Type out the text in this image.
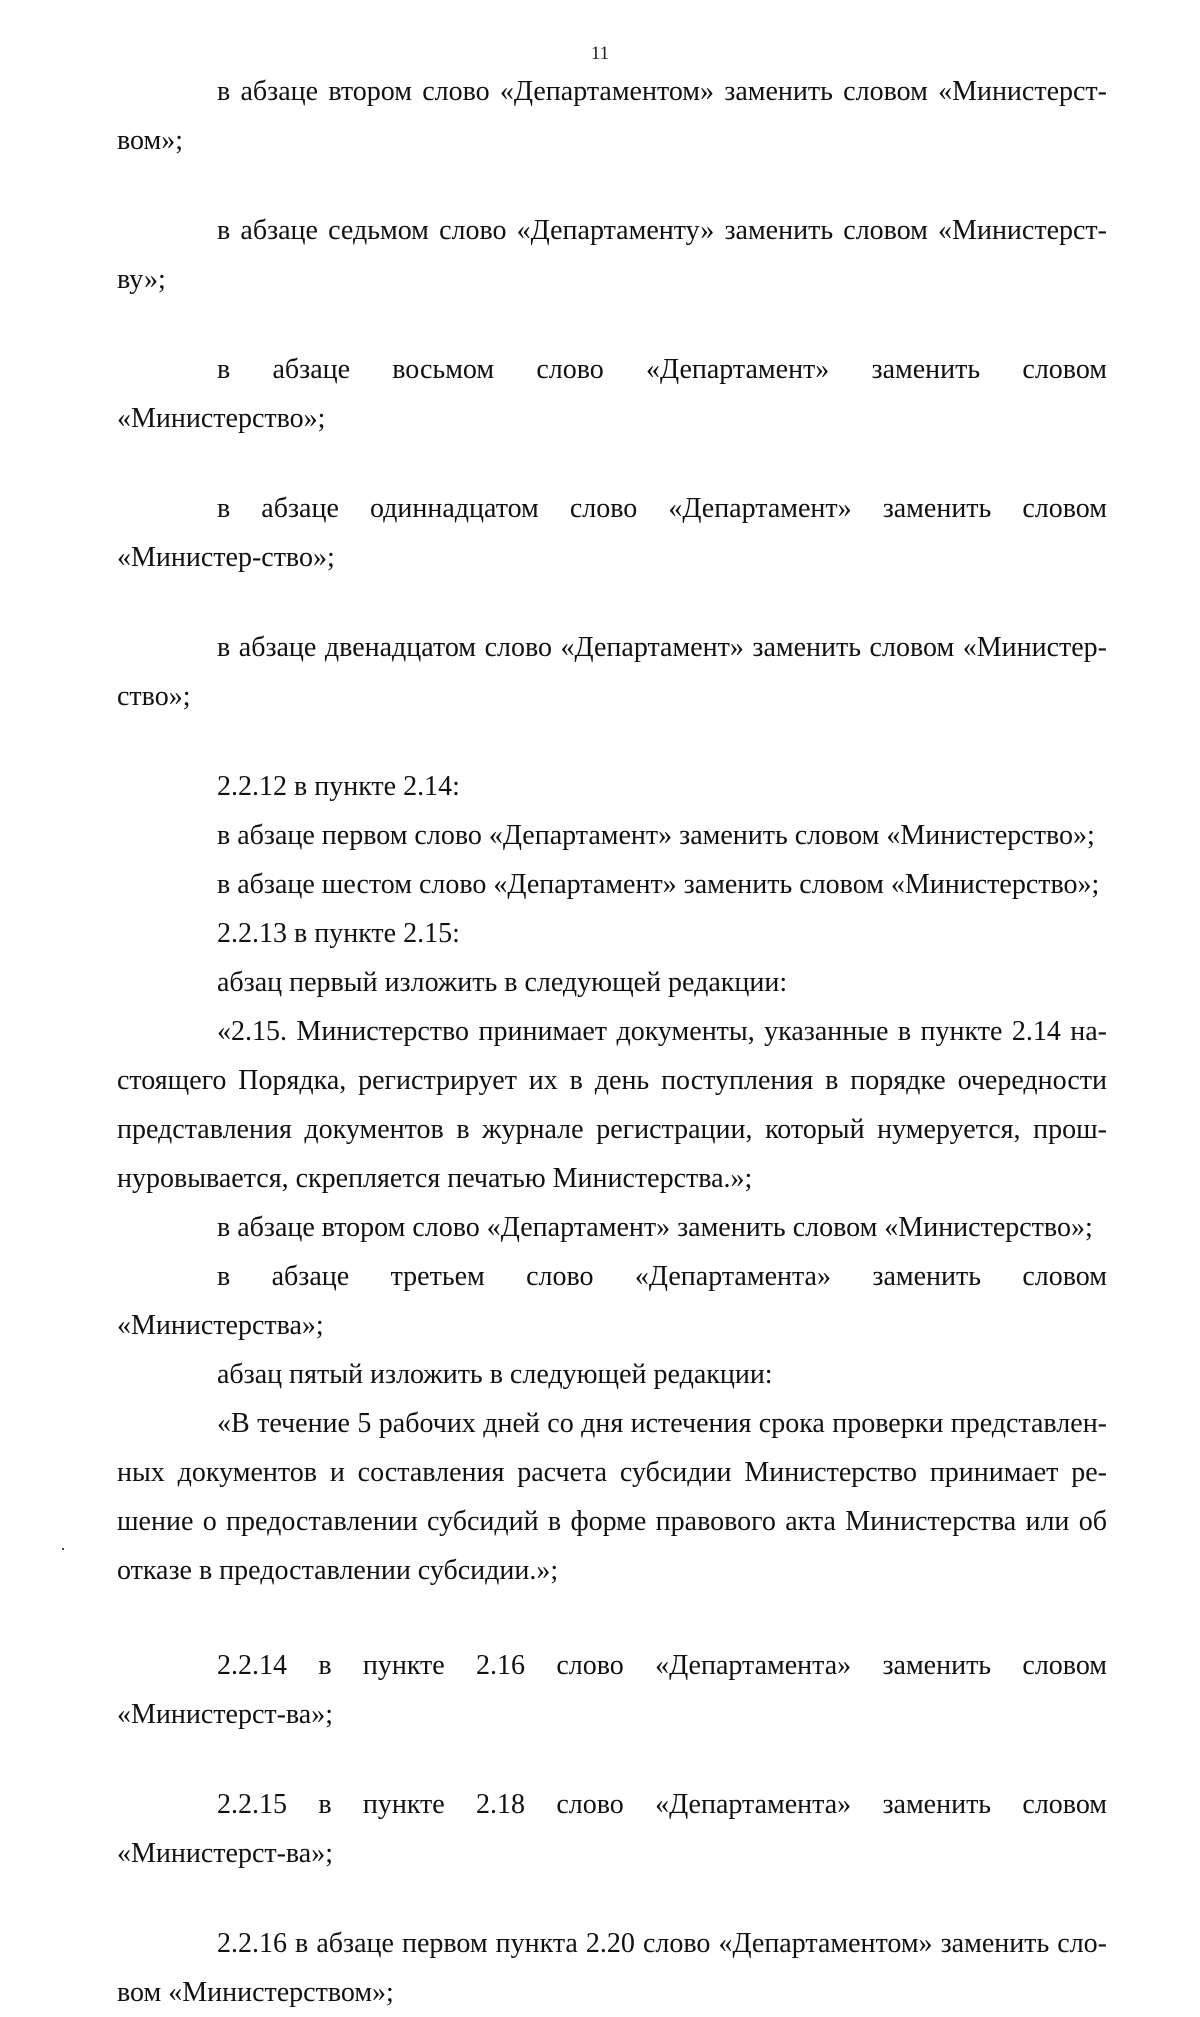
11

в абзаце втором слово «Департаментом» заменить словом «Министерст-вом»;

в абзаце седьмом слово «Департаменту» заменить словом «Министерст-ву»;

в абзаце восьмом слово «Департамент» заменить словом «Министерство»;

в абзаце одиннадцатом слово «Департамент» заменить словом «Министер-ство»;

в абзаце двенадцатом слово «Департамент» заменить словом «Министер-ство»;

2.2.12 в пункте 2.14:

в абзаце первом слово «Департамент» заменить словом «Министерство»;

в абзаце шестом слово «Департамент» заменить словом «Министерство»;

2.2.13 в пункте 2.15:

абзац первый изложить в следующей редакции:

«2.15. Министерство принимает документы, указанные в пункте 2.14 на-стоящего Порядка, регистрирует их в день поступления в порядке очередности представления документов в журнале регистрации, который нумеруется, прош-нуровывается, скрепляется печатью Министерства.»;

в абзаце втором слово «Департамент» заменить словом «Министерство»;

в абзаце третьем слово «Департамента» заменить словом «Министерства»;

абзац пятый изложить в следующей редакции:

«В течение 5 рабочих дней со дня истечения срока проверки представлен-ных документов и составления расчета субсидии Министерство принимает ре-шение о предоставлении субсидий в форме правового акта Министерства или об отказе в предоставлении субсидии.»;

2.2.14 в пункте 2.16 слово «Департамента» заменить словом «Министерст-ва»;

2.2.15 в пункте 2.18 слово «Департамента» заменить словом «Министерст-ва»;

2.2.16 в абзаце первом пункта 2.20 слово «Департаментом» заменить сло-вом «Министерством»;
